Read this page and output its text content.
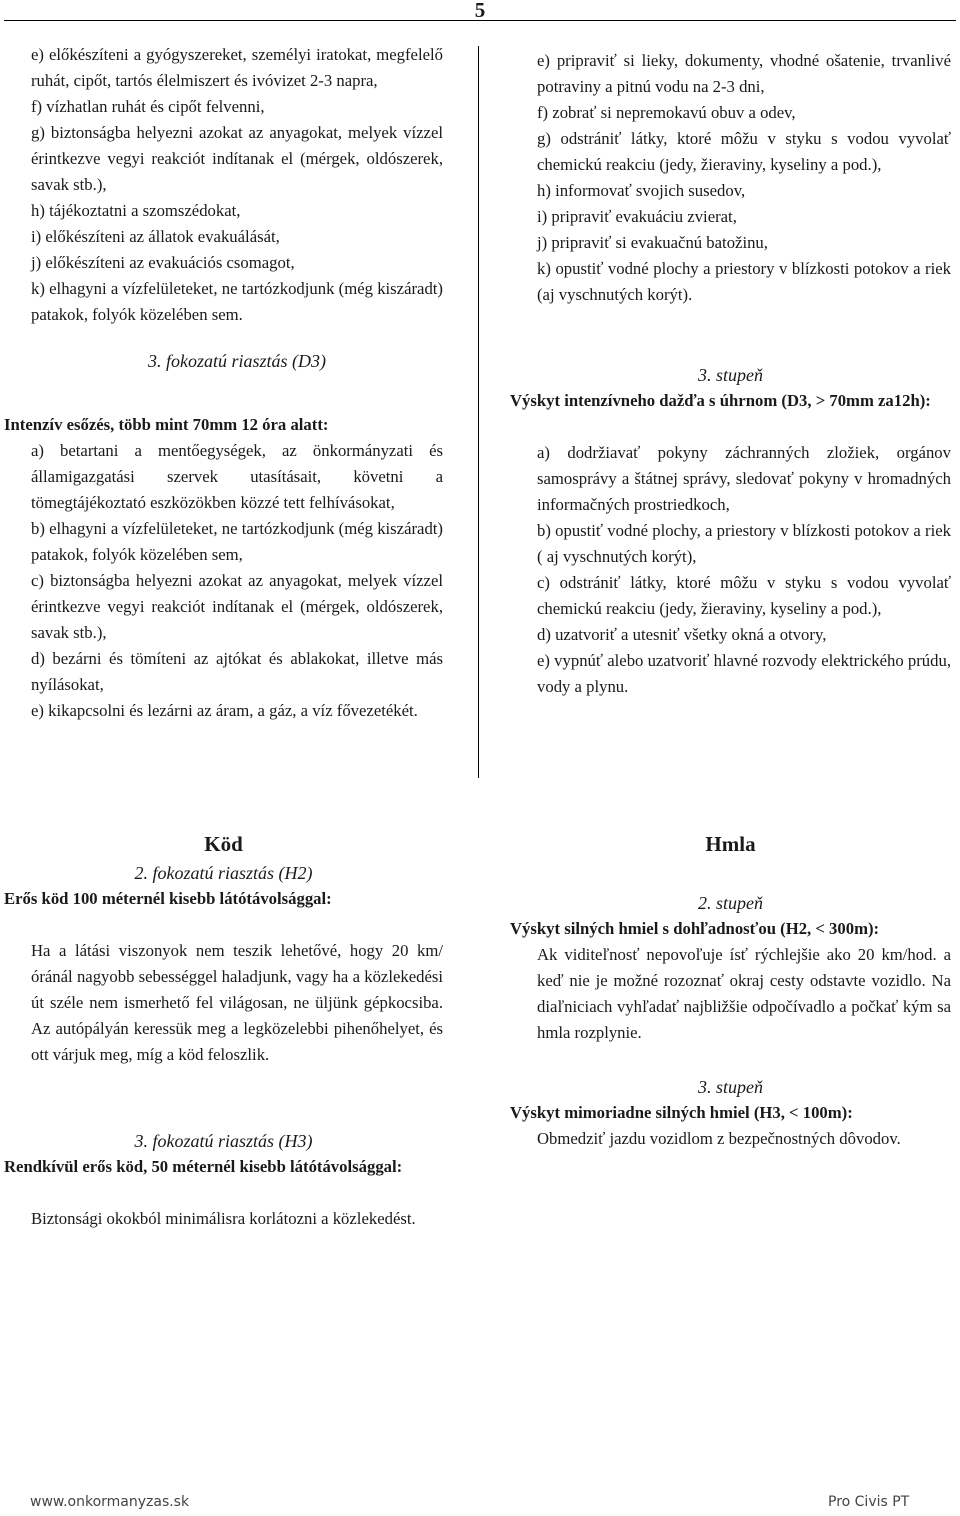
5
e) előkészíteni a gyógyszereket, személyi iratokat, megfelelő ruhát, cipőt, tartós élelmiszert és ivóvizet 2-3 napra,
f) vízhatlan ruhát és cipőt felvenni,
g) biztonságba helyezni azokat az anyagokat, melyek vízzel érintkezve vegyi reakciót indítanak el (mérgek, oldószerek, savak stb.),
h) tájékoztatni a szomszédokat,
i) előkészíteni az állatok evakuálását,
j) előkészíteni az evakuációs csomagot,
k) elhagyni a vízfelületeket, ne tartózkodjunk (még kiszáradt) patakok, folyók közelében sem.
3. fokozatú riasztás (D3)
Intenzív esőzés, több mint 70mm 12 óra alatt:
a) betartani a mentőegységek, az önkormányzati és államigazgatási szervek utasításait, követni a tömegtájékoztató eszközökben közzé tett felhívásokat,
b) elhagyni a vízfelületeket, ne tartózkodjunk (még kiszáradt) patakok, folyók közelében sem,
c) biztonságba helyezni azokat az anyagokat, melyek vízzel érintkezve vegyi reakciót indítanak el (mérgek, oldószerek, savak stb.),
d) bezárni és tömíteni az ajtókat és ablakokat, illetve más nyílásokat,
e) kikapcsolni és lezárni az áram, a gáz, a víz fővezetékét.
e) pripraviť si lieky, dokumenty, vhodné ošatenie, trvanlivé potraviny a pitnú vodu na 2-3 dni,
f) zobrať si nepremokavú obuv a odev,
g) odstrániť látky, ktoré môžu v styku s vodou vyvolať chemickú reakciu (jedy, žieraviny, kyseliny a pod.),
h) informovať svojich susedov,
i) pripraviť evakuáciu zvierat,
j) pripraviť si evakuačnú batožinu,
k) opustiť vodné plochy a priestory v blízkosti potokov a riek (aj vyschnutých korýt).
3. stupeň
Výskyt intenzívneho dažďa s úhrnom (D3, > 70mm za12h):
a) dodržiavať pokyny záchranných zložiek, orgánov samosprávy a štátnej správy, sledovať pokyny v hromadných informačných prostriedkoch,
b) opustiť vodné plochy, a priestory v blízkosti potokov a riek ( aj vyschnutých korýt),
c) odstrániť látky, ktoré môžu v styku s vodou vyvolať chemickú reakciu (jedy, žieraviny, kyseliny a pod.),
d) uzatvoriť a utesniť všetky okná a otvory,
e) vypnúť alebo uzatvoriť hlavné rozvody elektrického prúdu, vody a plynu.
Köd
2. fokozatú riasztás (H2)
Erős köd 100 méternél kisebb látótávolsággal:
Ha a látási viszonyok nem teszik lehetővé, hogy 20 km/óránál nagyobb sebességgel haladjunk, vagy ha a közlekedési út széle nem ismerhető fel világosan, ne üljünk gépkocsiba. Az autópályán keressük meg a legközelebbi pihenőhelyet, és ott várjuk meg, míg a köd feloszlik.
3. fokozatú riasztás (H3)
Rendkívül erős köd, 50 méternél kisebb látótávolsággal:
Biztonsági okokból minimálisra korlátozni a közlekedést.
Hmla
2. stupeň
Výskyt silných hmiel s dohľadnosťou (H2, < 300m):
Ak viditeľnosť nepovoľuje ísť rýchlejšie ako 20 km/hod. a keď nie je možné rozoznať okraj cesty odstavte vozidlo. Na diaľniciach vyhľadať najbližšie odpočívadlo a počkať kým sa hmla rozplynie.
3. stupeň
Výskyt mimoriadne silných hmiel (H3, < 100m):
Obmedziť jazdu vozidlom z bezpečnostných dôvodov.
www.onkormanyzas.sk	Pro Civis PT
